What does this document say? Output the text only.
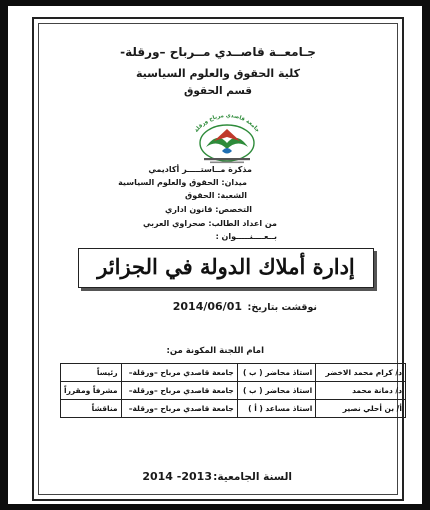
جـامعــة قاصــدي مــرباح –ورقلة-
كلية الحقوق والعلوم السياسية
قسم الحقوق
جامعة قاصدي مرباح ورقلة
مذكرة مــاستـــــر أكاديمي
ميدان: الحقوق والعلوم السياسية
الشعبة: الحقوق
التخصص: قانون اداري
من اعداد الطالب: صحراوي العربي
بــعــــنـــــوان :
إدارة أملاك الدولة في الجزائر
نوقشت بتاريخ:
2014/06/01
امام اللجنة المكونة من:
د/ كرام محمد الاخضر	استاذ محاضر ( ب )	جامعة قاصدي مرباح –ورقلة–	رئيساً
د/ دمانة محمد	استاذ محاضر ( ب )	جامعة قاصدي مرباح –ورقلة–	مشرفاً ومقرراً
أ/ بن أحلي نصير	استاذ مساعد ( أ )	جامعة قاصدي مرباح –ورقلة–	مناقشاً
السنة الجامعية:
2013- 2014
